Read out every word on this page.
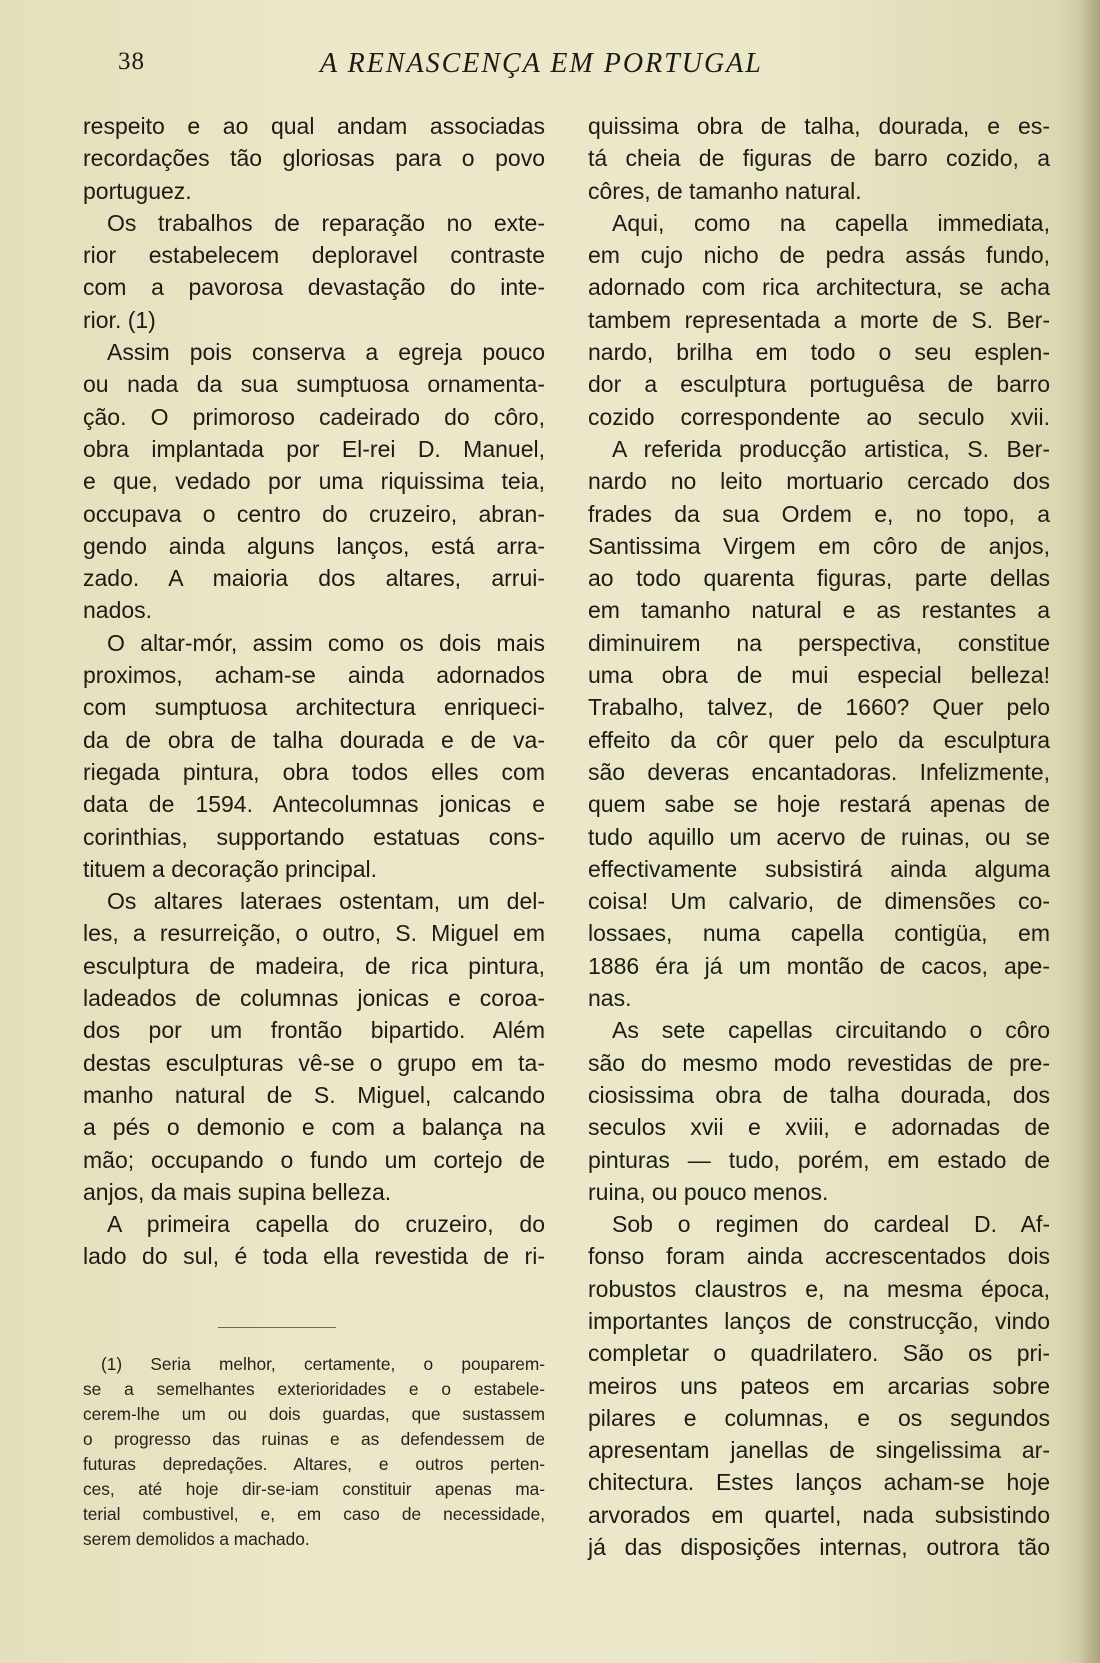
38	A RENASCENÇA EM PORTUGAL
respeito e ao qual andam associadas
recordações tão gloriosas para o povo
portuguez.
Os trabalhos de reparação no exte-
rior estabelecem deploravel contraste
com a pavorosa devastação do inte-
rior. (1)
Assim pois conserva a egreja pouco
ou nada da sua sumptuosa ornamenta-
ção. O primoroso cadeirado do côro,
obra implantada por El-rei D. Manuel,
e que, vedado por uma riquissima teia,
occupava o centro do cruzeiro, abran-
gendo ainda alguns lanços, está arra-
zado. A maioria dos altares, arrui-
nados.
O altar-mór, assim como os dois mais
proximos, acham-se ainda adornados
com sumptuosa architectura enriqueci-
da de obra de talha dourada e de va-
riegada pintura, obra todos elles com
data de 1594. Antecolumnas jonicas e
corinthias, supportando estatuas cons-
tituem a decoração principal.
Os altares lateraes ostentam, um del-
les, a resurreição, o outro, S. Miguel em
esculptura de madeira, de rica pintura,
ladeados de columnas jonicas e coroa-
dos por um frontão bipartido. Além
destas esculpturas vê-se o grupo em ta-
manho natural de S. Miguel, calcando
a pés o demonio e com a balança na
mão; occupando o fundo um cortejo de
anjos, da mais supina belleza.
A primeira capella do cruzeiro, do
lado do sul, é toda ella revestida de ri-
quissima obra de talha, dourada, e es-
tá cheia de figuras de barro cozido, a
côres, de tamanho natural.
Aqui, como na capella immediata,
em cujo nicho de pedra assás fundo,
adornado com rica architectura, se acha
tambem representada a morte de S. Ber-
nardo, brilha em todo o seu esplen-
dor a esculptura portuguêsa de barro
cozido correspondente ao seculo xvii.
A referida producção artistica, S. Ber-
nardo no leito mortuario cercado dos
frades da sua Ordem e, no topo, a
Santissima Virgem em côro de anjos,
ao todo quarenta figuras, parte dellas
em tamanho natural e as restantes a
diminuirem na perspectiva, constitue
uma obra de mui especial belleza!
Trabalho, talvez, de 1660? Quer pelo
effeito da côr quer pelo da esculptura
são deveras encantadoras. Infelizmente,
quem sabe se hoje restará apenas de
tudo aquillo um acervo de ruinas, ou se
effectivamente subsistirá ainda alguma
coisa! Um calvario, de dimensões co-
lossaes, numa capella contigüa, em
1886 éra já um montão de cacos, ape-
nas.
As sete capellas circuitando o côro
são do mesmo modo revestidas de pre-
ciosissima obra de talha dourada, dos
seculos xvii e xviii, e adornadas de
pinturas — tudo, porém, em estado de
ruina, ou pouco menos.
Sob o regimen do cardeal D. Af-
fonso foram ainda accrescentados dois
robustos claustros e, na mesma época,
importantes lanços de construcção, vindo
completar o quadrilatero. São os pri-
meiros uns pateos em arcarias sobre
pilares e columnas, e os segundos
apresentam janellas de singelissima ar-
chitectura. Estes lanços acham-se hoje
arvorados em quartel, nada subsistindo
já das disposições internas, outrora tão
(1) Seria melhor, certamente, o pouparem-
se a semelhantes exterioridades e o estabele-
cerem-lhe um ou dois guardas, que sustassem
o progresso das ruinas e as defendessem de
futuras depredações. Altares, e outros perten-
ces, até hoje dir-se-iam constituir apenas ma-
terial combustivel, e, em caso de necessidade,
serem demolidos a machado.
